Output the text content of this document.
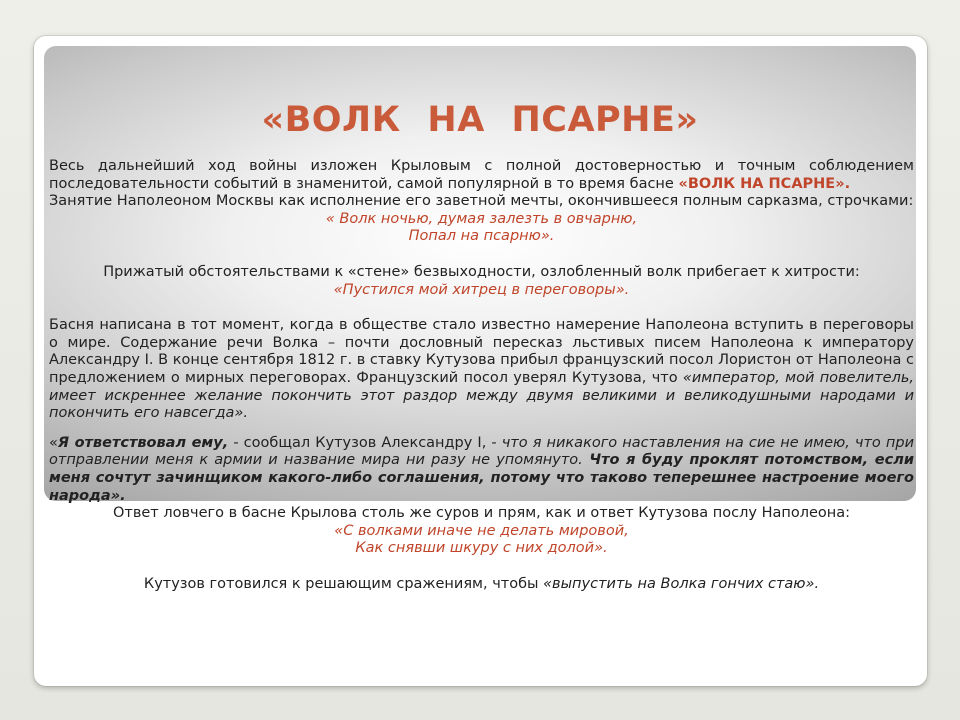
«ВОЛК НА ПСАРНЕ»

Весь дальнейший ход войны изложен Крыловым с полной достоверностью и точным соблюдением последовательности событий в знаменитой, самой популярной в то время басне «ВОЛК НА ПСАРНЕ».

Занятие Наполеоном Москвы как исполнение его заветной мечты, окончившееся полным сарказма, строчками:

« Волк ночью, думая залезть в овчарню,

Попал на псарню».

Прижатый обстоятельствами к «стене» безвыходности, озлобленный волк прибегает к хитрости:

«Пустился мой хитрец в переговоры».

Басня написана в тот момент, когда в обществе стало известно намерение Наполеона вступить в переговоры о мире. Содержание речи Волка – почти дословный пересказ льстивых писем Наполеона к императору Александру I. В конце сентября 1812 г. в ставку Кутузова прибыл французский посол Лористон от Наполеона с предложением о мирных переговорах. Французский посол уверял Кутузова, что «император, мой повелитель, имеет искреннее желание покончить этот раздор между двумя великими и великодушными народами и покончить его навсегда».

«Я ответствовал ему, - сообщал Кутузов Александру I, - что я никакого наставления на сие не имею, что при отправлении меня к армии и название мира ни разу не упомянуто. Что я буду проклят потомством, если меня сочтут зачинщиком какого-либо соглашения, потому что таково теперешнее настроение моего народа».

Ответ ловчего в басне Крылова столь же суров и прям, как и ответ Кутузова послу Наполеона:

«С волками иначе не делать мировой,

Как снявши шкуру с них долой».

Кутузов готовился к решающим сражениям, чтобы «выпустить на Волка гончих стаю».
